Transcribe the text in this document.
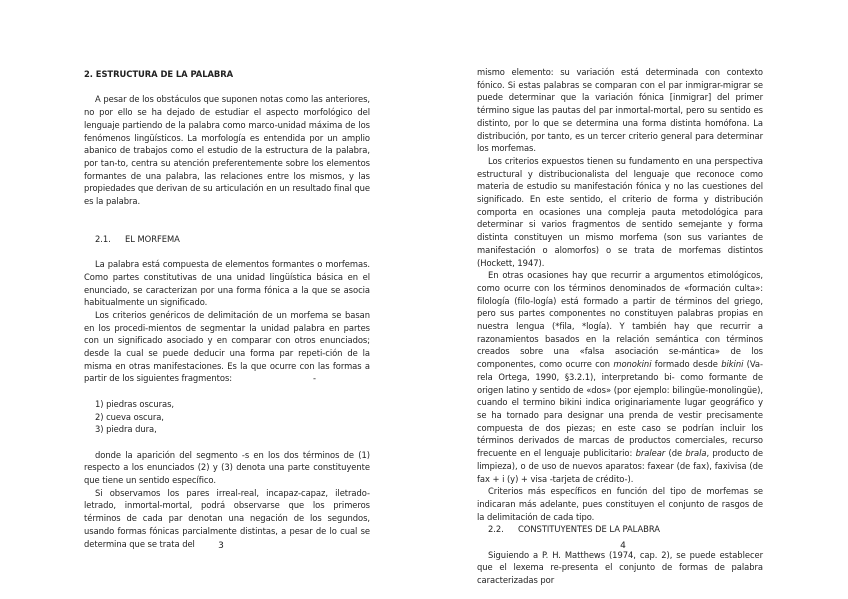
2. ESTRUCTURA DE LA PALABRA

A pesar de los obstáculos que suponen notas como las anteriores, no por ello se ha dejado de estudiar el aspecto morfológico del lenguaje partiendo de la palabra como marco-unidad máxima de los fenómenos lingüísticos. La morfología es entendida por un amplio abanico de trabajos como el estudio de la estructura de la palabra, por tan-to, centra su atención preferentemente sobre los elementos formantes de una palabra, las relaciones entre los mismos, y las propiedades que derivan de su articulación en un resultado final que es la palabra.

2.1.	EL MORFEMA

La palabra está compuesta de elementos formantes o morfemas. Como partes constitutivas de una unidad lingüística básica en el enunciado, se caracterizan por una forma fónica a la que se asocia habitualmente un significado.

Los criterios genéricos de delimitación de un morfema se basan en los procedi-mientos de segmentar la unidad palabra en partes con un significado asociado y en comparar con otros enunciados; desde la cual se puede deducir una forma par repeti-ción de la misma en otras manifestaciones. Es la que ocurre con las formas a partir de los siguientes fragmentos:	-

1) piedras oscuras,

2) cueva oscura,

3) piedra dura,

donde la aparición del segmento -s en los dos términos de (1) respecto a los enunciados (2) y (3) denota una parte constituyente que tiene un sentido específico.

Si observamos los pares irreal-real, incapaz-capaz, iletrado-letrado, inmortal-mortal, podrá observarse que los primeros términos de cada par denotan una negación de los segundos, usando formas fónicas parcialmente distintas, a pesar de lo cual se determina que se trata del	3

mismo elemento: su variación está determinada con contexto fónico. Si estas palabras se comparan con el par inmigrar-migrar se puede determinar que la variación fónica [inmigrar] del primer término sigue las pautas del par inmortal-mortal, pero su sentido es distinto, por lo que se determina una forma distinta homófona. La distribución, por tanto, es un tercer criterio general para determinar los morfemas.

Los criterios expuestos tienen su fundamento en una perspectiva estructural y distribucionalista del lenguaje que reconoce como materia de estudio su manifestación fónica y no las cuestiones del significado. En este sentido, el criterio de forma y distribución comporta en ocasiones una compleja pauta metodológica para determinar si varios fragmentos de sentido semejante y forma distinta constituyen un mismo morfema (son sus variantes de manifestación o alomorfos) o se trata de morfemas distintos (Hockett, 1947).

En otras ocasiones hay que recurrir a argumentos etimológicos, como ocurre con los términos denominados de «formación culta»: filología (filo-logía) está formado a partir de términos del griego, pero sus partes componentes no constituyen palabras propias en nuestra lengua (*fila, *logía). Y también hay que recurrir a razonamientos basados en la relación semántica con términos creados sobre una «falsa asociación se-mántica» de los componentes, como ocurre con monokini formado desde bikini (Va-rela Ortega, 1990, §3.2.1), interpretando bi- como formante de origen latino y sentido de «dos» (por ejemplo: bilingüe-monolingüe), cuando el termino bikini indica originariamente lugar geográfico y se ha tornado para designar una prenda de vestir precisamente compuesta de dos piezas; en este caso se podrían incluir los términos derivados de marcas de productos comerciales, recurso frecuente en el lenguaje publicitario: bralear (de brala, producto de limpieza), o de uso de nuevos aparatos: faxear (de fax), faxivisa (de fax + i (y) + visa -tarjeta de crédito-).

Criterios más específicos en función del tipo de morfemas se indicaran más adelante, pues constituyen el conjunto de rasgos de la delimitación de cada tipo.

2.2.	CONSTITUYENTES DE LA PALABRA

Siguiendo a P. H. Matthews (1974, cap. 2), se puede establecer que el lexema re-presenta el conjunto de formas de palabra caracterizadas por

4
